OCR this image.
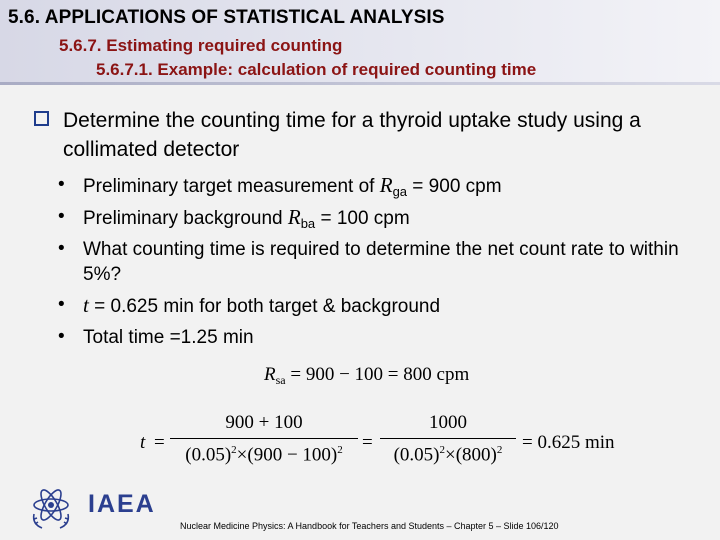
5.6. APPLICATIONS OF STATISTICAL ANALYSIS
5.6.7. Estimating required counting
5.6.7.1. Example: calculation of required counting time
Determine the counting time for a thyroid uptake study using a collimated detector
• Preliminary target measurement of $R_{ga} = 900$ cpm
• Preliminary background $R_{ba} = 100$ cpm
• What counting time is required to determine the net count rate to within 5%?
• t = 0.625 min for both target & background
• Total time =1.25 min
$R_{sa} = 900 - 100 = 800$ cpm
t =
900 + 100
$(0.05)^2\times(900 - 100)^2$	=
1000
$(0.05)^2\times(800)^2$	= 0.625 min
IAEA
Nuclear Medicine Physics: A Handbook for Teachers and Students – Chapter 5 – Slide 106/120
